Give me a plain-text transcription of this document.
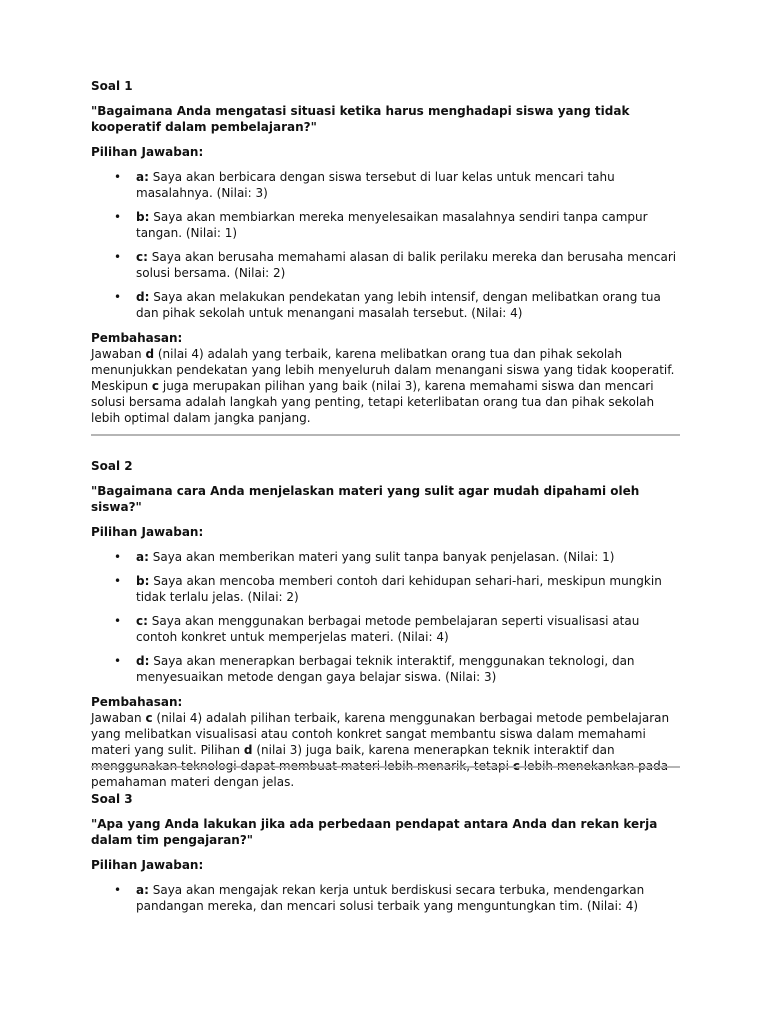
Soal 1

"Bagaimana Anda mengatasi situasi ketika harus menghadapi siswa yang tidak kooperatif dalam pembelajaran?"

Pilihan Jawaban:

• a: Saya akan berbicara dengan siswa tersebut di luar kelas untuk mencari tahu masalahnya. (Nilai: 3)
• b: Saya akan membiarkan mereka menyelesaikan masalahnya sendiri tanpa campur tangan. (Nilai: 1)
• c: Saya akan berusaha memahami alasan di balik perilaku mereka dan berusaha mencari solusi bersama. (Nilai: 2)
• d: Saya akan melakukan pendekatan yang lebih intensif, dengan melibatkan orang tua dan pihak sekolah untuk menangani masalah tersebut. (Nilai: 4)

Pembahasan:

Jawaban d (nilai 4) adalah yang terbaik, karena melibatkan orang tua dan pihak sekolah menunjukkan pendekatan yang lebih menyeluruh dalam menangani siswa yang tidak kooperatif. Meskipun c juga merupakan pilihan yang baik (nilai 3), karena memahami siswa dan mencari solusi bersama adalah langkah yang penting, tetapi keterlibatan orang tua dan pihak sekolah lebih optimal dalam jangka panjang.

Soal 2

"Bagaimana cara Anda menjelaskan materi yang sulit agar mudah dipahami oleh siswa?"

Pilihan Jawaban:

• a: Saya akan memberikan materi yang sulit tanpa banyak penjelasan. (Nilai: 1)
• b: Saya akan mencoba memberi contoh dari kehidupan sehari-hari, meskipun mungkin tidak terlalu jelas. (Nilai: 2)
• c: Saya akan menggunakan berbagai metode pembelajaran seperti visualisasi atau contoh konkret untuk memperjelas materi. (Nilai: 4)
• d: Saya akan menerapkan berbagai teknik interaktif, menggunakan teknologi, dan menyesuaikan metode dengan gaya belajar siswa. (Nilai: 3)

Pembahasan:

Jawaban c (nilai 4) adalah pilihan terbaik, karena menggunakan berbagai metode pembelajaran yang melibatkan visualisasi atau contoh konkret sangat membantu siswa dalam memahami materi yang sulit. Pilihan d (nilai 3) juga baik, karena menerapkan teknik interaktif dan menggunakan teknologi dapat membuat materi lebih menarik, tetapi c lebih menekankan pada pemahaman materi dengan jelas.

Soal 3

"Apa yang Anda lakukan jika ada perbedaan pendapat antara Anda dan rekan kerja dalam tim pengajaran?"

Pilihan Jawaban:

• a: Saya akan mengajak rekan kerja untuk berdiskusi secara terbuka, mendengarkan pandangan mereka, dan mencari solusi terbaik yang menguntungkan tim. (Nilai: 4)
